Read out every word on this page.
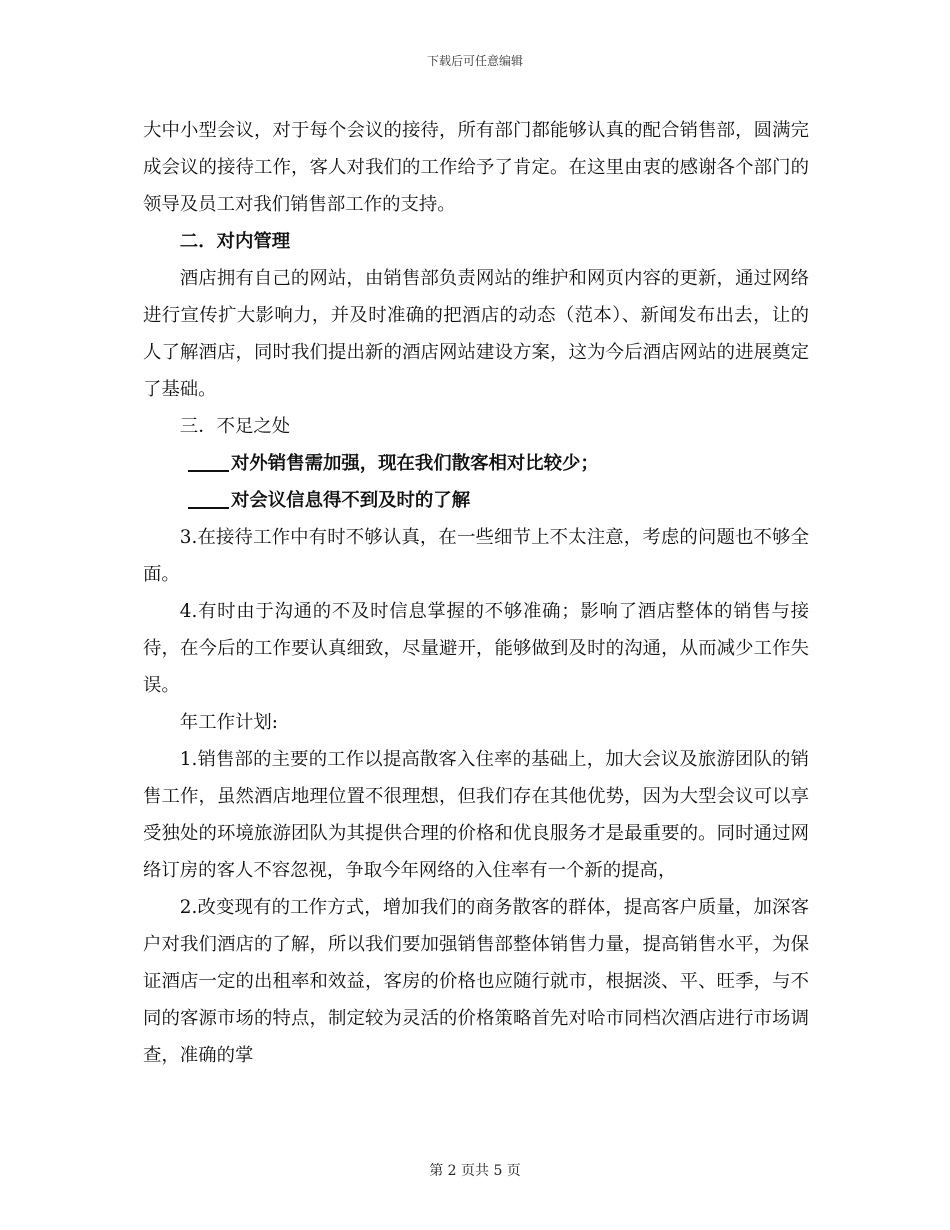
下载后可任意编辑

大中小型会议，对于每个会议的接待，所有部门都能够认真的配合销售部，圆满完成会议的接待工作，客人对我们的工作给予了肯定。在这里由衷的感谢各个部门的领导及员工对我们销售部工作的支持。

二．对内管理

酒店拥有自己的网站，由销售部负责网站的维护和网页内容的更新，通过网络进行宣传扩大影响力，并及时准确的把酒店的动态（范本）、新闻发布出去，让的人了解酒店，同时我们提出新的酒店网站建设方案，这为今后酒店网站的进展奠定了基础。

三．不足之处

对外销售需加强，现在我们散客相对比较少；

对会议信息得不到及时的了解

3.在接待工作中有时不够认真，在一些细节上不太注意，考虑的问题也不够全面。

4.有时由于沟通的不及时信息掌握的不够准确；影响了酒店整体的销售与接待，在今后的工作要认真细致，尽量避开，能够做到及时的沟通，从而减少工作失误。

年工作计划:

1.销售部的主要的工作以提高散客入住率的基础上，加大会议及旅游团队的销售工作，虽然酒店地理位置不很理想，但我们存在其他优势，因为大型会议可以享受独处的环境旅游团队为其提供合理的价格和优良服务才是最重要的。同时通过网络订房的客人不容忽视，争取今年网络的入住率有一个新的提高，

2.改变现有的工作方式，增加我们的商务散客的群体，提高客户质量，加深客户对我们酒店的了解，所以我们要加强销售部整体销售力量，提高销售水平，为保证酒店一定的出租率和效益，客房的价格也应随行就市，根据淡、平、旺季，与不同的客源市场的特点，制定较为灵活的价格策略首先对哈市同档次酒店进行市场调查，准确的掌

第 2 页共 5 页
